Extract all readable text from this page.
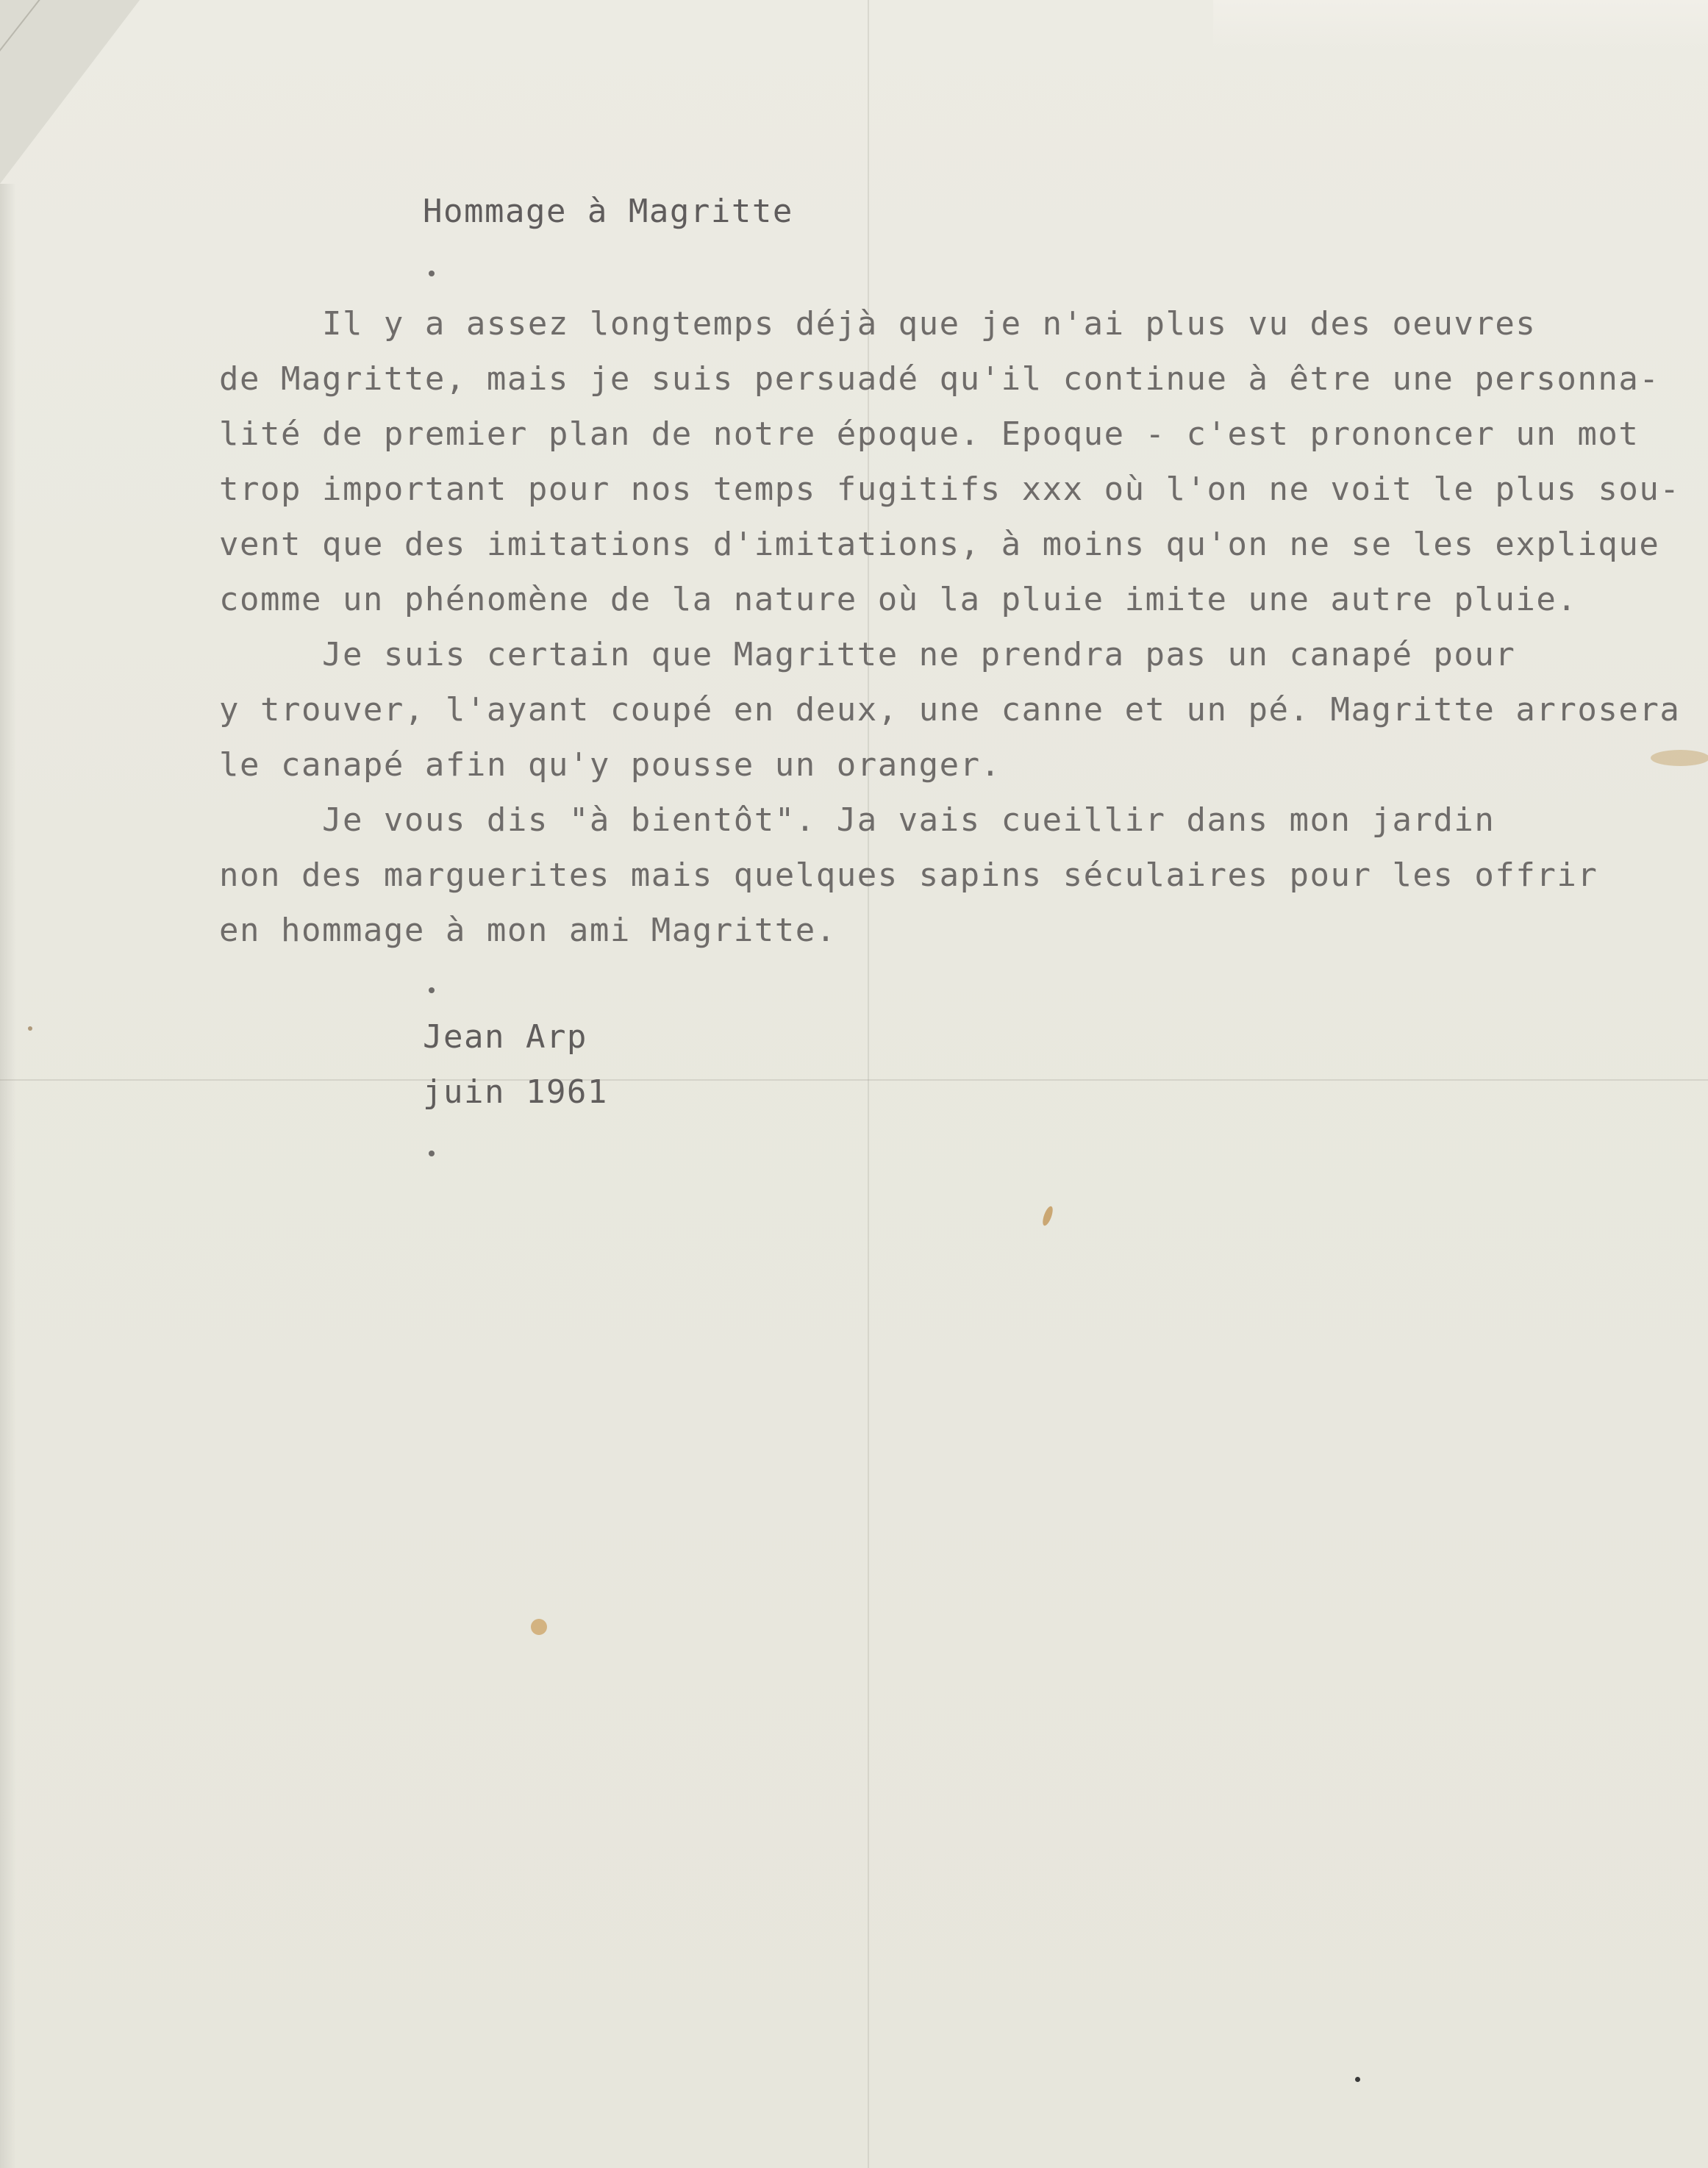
Hommage à Magritte
Il y a assez longtemps déjà que je n'ai plus vu des oeuvres
de Magritte, mais je suis persuadé qu'il continue à être une personna-
lité de premier plan de notre époque. Epoque - c'est prononcer un mot
trop important pour nos temps fugitifs xxx où l'on ne voit le plus sou-
vent que des imitations d'imitations, à moins qu'on ne se les explique
comme un phénomène de la nature où la pluie imite une autre pluie.
Je suis certain que Magritte ne prendra pas un canapé pour
y trouver, l'ayant coupé en deux, une canne et un pé. Magritte arrosera
le canapé afin qu'y pousse un oranger.
Je vous dis "à bientôt". Ja vais cueillir dans mon jardin
non des marguerites mais quelques sapins séculaires pour les offrir
en hommage à mon ami Magritte.
Jean Arp
juin 1961
